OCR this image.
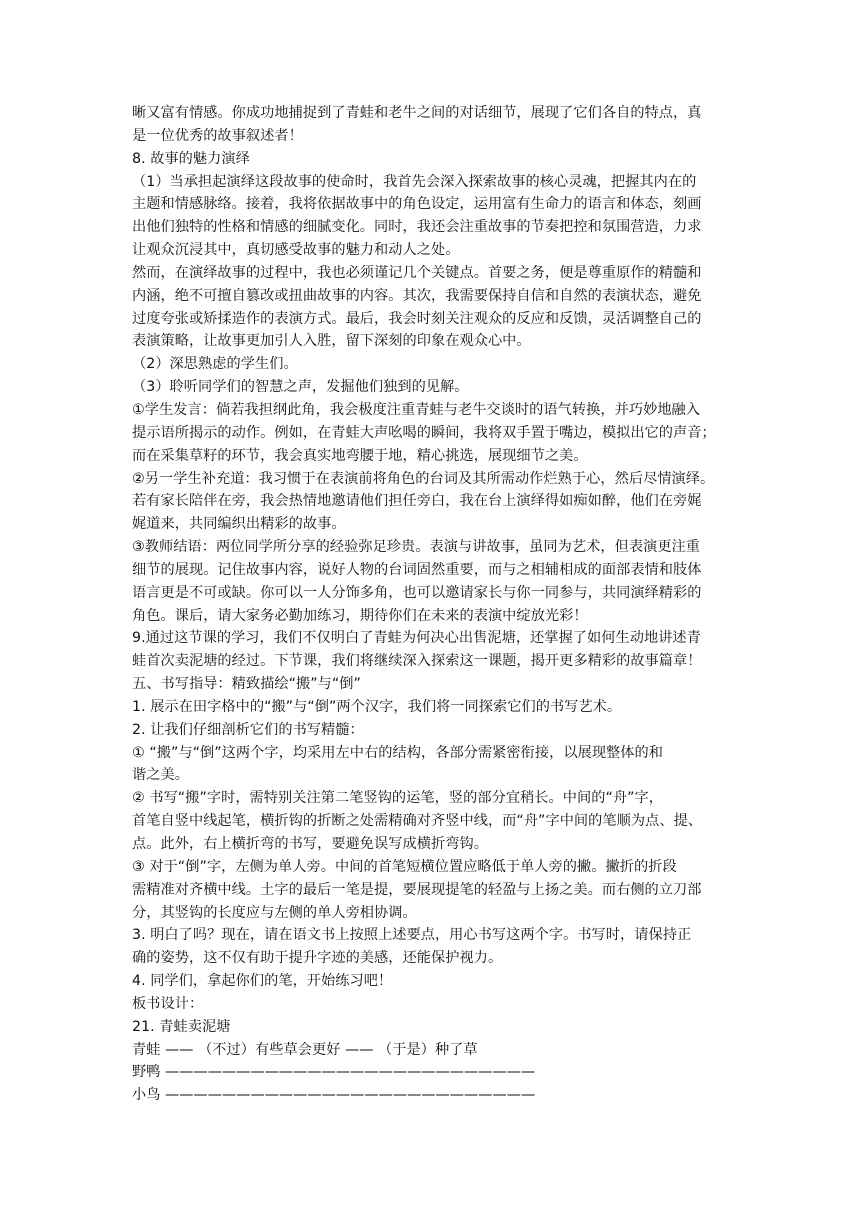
晰又富有情感。你成功地捕捉到了青蛙和老牛之间的对话细节，展现了它们各自的特点，真
是一位优秀的故事叙述者！
8. 故事的魅力演绎
（1）当承担起演绎这段故事的使命时，我首先会深入探索故事的核心灵魂，把握其内在的
主题和情感脉络。接着，我将依据故事中的角色设定，运用富有生命力的语言和体态，刻画
出他们独特的性格和情感的细腻变化。同时，我还会注重故事的节奏把控和氛围营造，力求
让观众沉浸其中，真切感受故事的魅力和动人之处。
然而，在演绎故事的过程中，我也必须谨记几个关键点。首要之务，便是尊重原作的精髓和
内涵，绝不可擅自篡改或扭曲故事的内容。其次，我需要保持自信和自然的表演状态，避免
过度夸张或矫揉造作的表演方式。最后，我会时刻关注观众的反应和反馈，灵活调整自己的
表演策略，让故事更加引人入胜，留下深刻的印象在观众心中。
（2）深思熟虑的学生们。
（3）聆听同学们的智慧之声，发掘他们独到的见解。
①学生发言：倘若我担纲此角，我会极度注重青蛙与老牛交谈时的语气转换，并巧妙地融入
提示语所揭示的动作。例如，在青蛙大声吆喝的瞬间，我将双手置于嘴边，模拟出它的声音；
而在采集草籽的环节，我会真实地弯腰于地，精心挑选，展现细节之美。
②另一学生补充道：我习惯于在表演前将角色的台词及其所需动作烂熟于心，然后尽情演绎。
若有家长陪伴在旁，我会热情地邀请他们担任旁白，我在台上演绎得如痴如醉，他们在旁娓
娓道来，共同编织出精彩的故事。
③教师结语：两位同学所分享的经验弥足珍贵。表演与讲故事，虽同为艺术，但表演更注重
细节的展现。记住故事内容，说好人物的台词固然重要，而与之相辅相成的面部表情和肢体
语言更是不可或缺。你可以一人分饰多角，也可以邀请家长与你一同参与，共同演绎精彩的
角色。课后，请大家务必勤加练习，期待你们在未来的表演中绽放光彩！
9.通过这节课的学习，我们不仅明白了青蛙为何决心出售泥塘，还掌握了如何生动地讲述青
蛙首次卖泥塘的经过。下节课，我们将继续深入探索这一课题，揭开更多精彩的故事篇章！
五、书写指导：精致描绘“搬”与“倒”
1. 展示在田字格中的“搬”与“倒”两个汉字，我们将一同探索它们的书写艺术。
2. 让我们仔细剖析它们的书写精髓：
① “搬”与“倒”这两个字，均采用左中右的结构，各部分需紧密衔接，以展现整体的和
谐之美。
② 书写“搬”字时，需特别关注第二笔竖钩的运笔，竖的部分宜稍长。中间的“舟”字，
首笔自竖中线起笔，横折钩的折断之处需精确对齐竖中线，而“舟”字中间的笔顺为点、提、
点。此外，右上横折弯的书写，要避免误写成横折弯钩。
③ 对于“倒”字，左侧为单人旁。中间的首笔短横位置应略低于单人旁的撇。撇折的折段
需精准对齐横中线。土字的最后一笔是提，要展现提笔的轻盈与上扬之美。而右侧的立刀部
分，其竖钩的长度应与左侧的单人旁相协调。
3. 明白了吗？现在，请在语文书上按照上述要点，用心书写这两个字。书写时，请保持正
确的姿势，这不仅有助于提升字迹的美感，还能保护视力。
4. 同学们，拿起你们的笔，开始练习吧！
板书设计：
21. 青蛙卖泥塘
青蛙 —— （不过）有些草会更好 —— （于是）种了草
野鸭 ——————————————————————————
小鸟 ——————————————————————————
